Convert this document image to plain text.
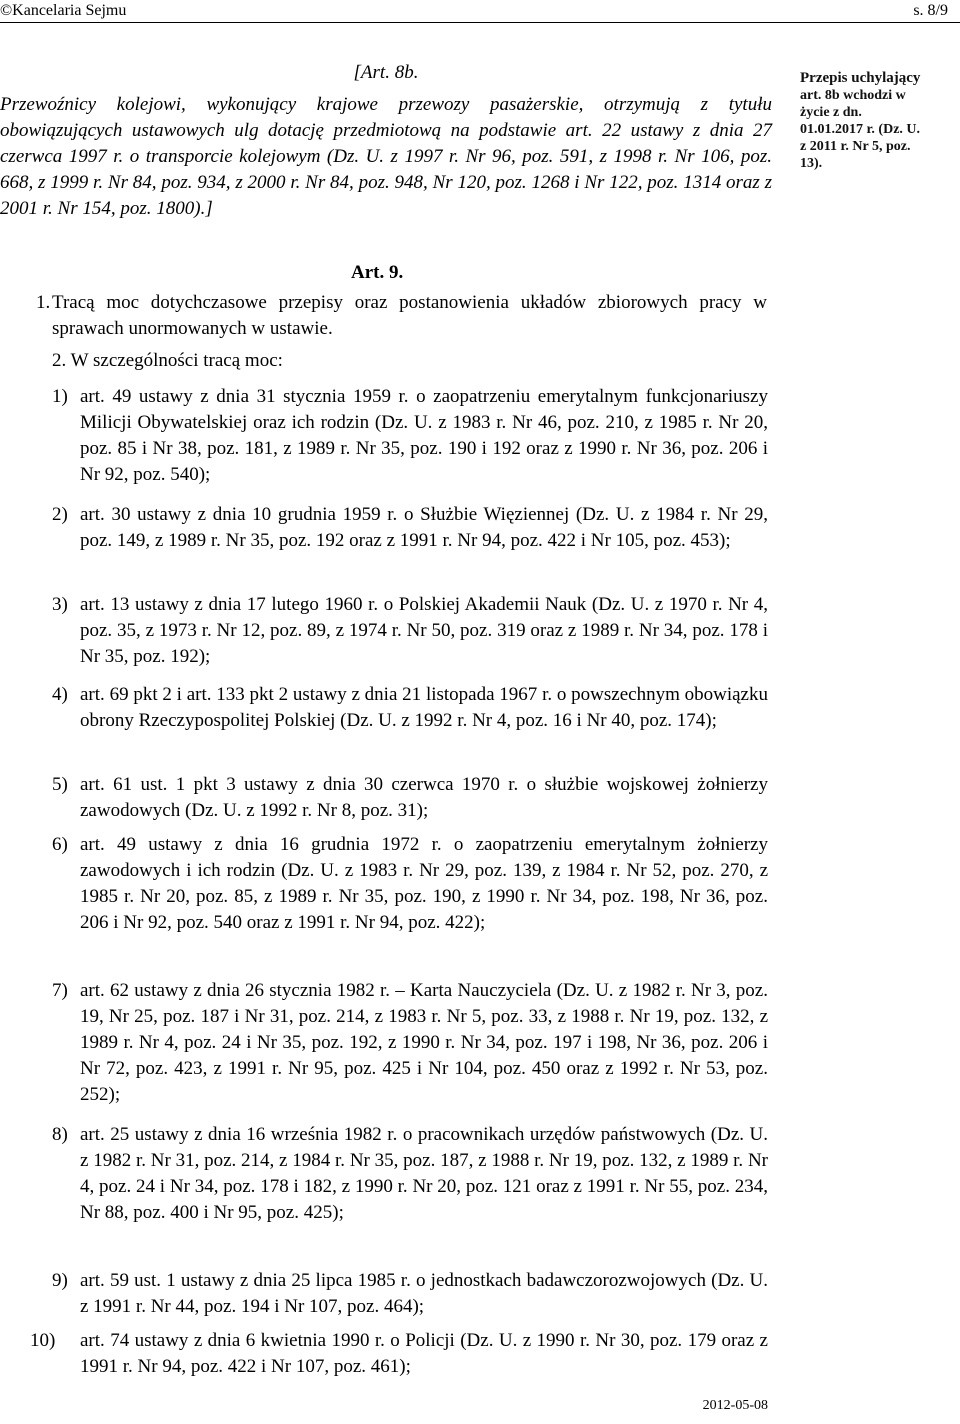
©Kancelaria Sejmu	s. 8/9
[Art. 8b.

Przewoźnicy kolejowi, wykonujący krajowe przewozy pasażerskie, otrzymują z tytułu obowiązujących ustawowych ulg dotację przedmiotową na podstawie art. 22 ustawy z dnia 27 czerwca 1997 r. o transporcie kolejowym (Dz. U. z 1997 r. Nr 96, poz. 591, z 1998 r. Nr 106, poz. 668, z 1999 r. Nr 84, poz. 934, z 2000 r. Nr 84, poz. 948, Nr 120, poz. 1268 i Nr 122, poz. 1314 oraz z 2001 r. Nr 154, poz. 1800).]

Przepis uchylający
art. 8b wchodzi w
życie z dn.
01.01.2017 r. (Dz. U.
z 2011 r. Nr 5, poz.
13).
Art. 9.
1. Tracą moc dotychczasowe przepisy oraz postanowienia układów zbiorowych pracy w sprawach unormowanych w ustawie.
2. W szczególności tracą moc:
1) art. 49 ustawy z dnia 31 stycznia 1959 r. o zaopatrzeniu emerytalnym funkcjonariuszy Milicji Obywatelskiej oraz ich rodzin (Dz. U. z 1983 r. Nr 46, poz. 210, z 1985 r. Nr 20, poz. 85 i Nr 38, poz. 181, z 1989 r. Nr 35, poz. 190 i 192 oraz z 1990 r. Nr 36, poz. 206 i Nr 92, poz. 540);
2) art. 30 ustawy z dnia 10 grudnia 1959 r. o Służbie Więziennej (Dz. U. z 1984 r. Nr 29, poz. 149, z 1989 r. Nr 35, poz. 192 oraz z 1991 r. Nr 94, poz. 422 i Nr 105, poz. 453);
3) art. 13 ustawy z dnia 17 lutego 1960 r. o Polskiej Akademii Nauk (Dz. U. z 1970 r. Nr 4, poz. 35, z 1973 r. Nr 12, poz. 89, z 1974 r. Nr 50, poz. 319 oraz z 1989 r. Nr 34, poz. 178 i Nr 35, poz. 192);
4) art. 69 pkt 2 i art. 133 pkt 2 ustawy z dnia 21 listopada 1967 r. o powszechnym obowiązku obrony Rzeczypospolitej Polskiej (Dz. U. z 1992 r. Nr 4, poz. 16 i Nr 40, poz. 174);
5) art. 61 ust. 1 pkt 3 ustawy z dnia 30 czerwca 1970 r. o służbie wojskowej żołnierzy zawodowych (Dz. U. z 1992 r. Nr 8, poz. 31);
6) art. 49 ustawy z dnia 16 grudnia 1972 r. o zaopatrzeniu emerytalnym żołnierzy zawodowych i ich rodzin (Dz. U. z 1983 r. Nr 29, poz. 139, z 1984 r. Nr 52, poz. 270, z 1985 r. Nr 20, poz. 85, z 1989 r. Nr 35, poz. 190, z 1990 r. Nr 34, poz. 198, Nr 36, poz. 206 i Nr 92, poz. 540 oraz z 1991 r. Nr 94, poz. 422);
7) art. 62 ustawy z dnia 26 stycznia 1982 r. – Karta Nauczyciela (Dz. U. z 1982 r. Nr 3, poz. 19, Nr 25, poz. 187 i Nr 31, poz. 214, z 1983 r. Nr 5, poz. 33, z 1988 r. Nr 19, poz. 132, z 1989 r. Nr 4, poz. 24 i Nr 35, poz. 192, z 1990 r. Nr 34, poz. 197 i 198, Nr 36, poz. 206 i Nr 72, poz. 423, z 1991 r. Nr 95, poz. 425 i Nr 104, poz. 450 oraz z 1992 r. Nr 53, poz. 252);
8) art. 25 ustawy z dnia 16 września 1982 r. o pracownikach urzędów państwowych (Dz. U. z 1982 r. Nr 31, poz. 214, z 1984 r. Nr 35, poz. 187, z 1988 r. Nr 19, poz. 132, z 1989 r. Nr 4, poz. 24 i Nr 34, poz. 178 i 182, z 1990 r. Nr 20, poz. 121 oraz z 1991 r. Nr 55, poz. 234, Nr 88, poz. 400 i Nr 95, poz. 425);
9) art. 59 ust. 1 ustawy z dnia 25 lipca 1985 r. o jednostkach badawczorozwojowych (Dz. U. z 1991 r. Nr 44, poz. 194 i Nr 107, poz. 464);
10) art. 74 ustawy z dnia 6 kwietnia 1990 r. o Policji (Dz. U. z 1990 r. Nr 30, poz. 179 oraz z 1991 r. Nr 94, poz. 422 i Nr 107, poz. 461);
2012-05-08
